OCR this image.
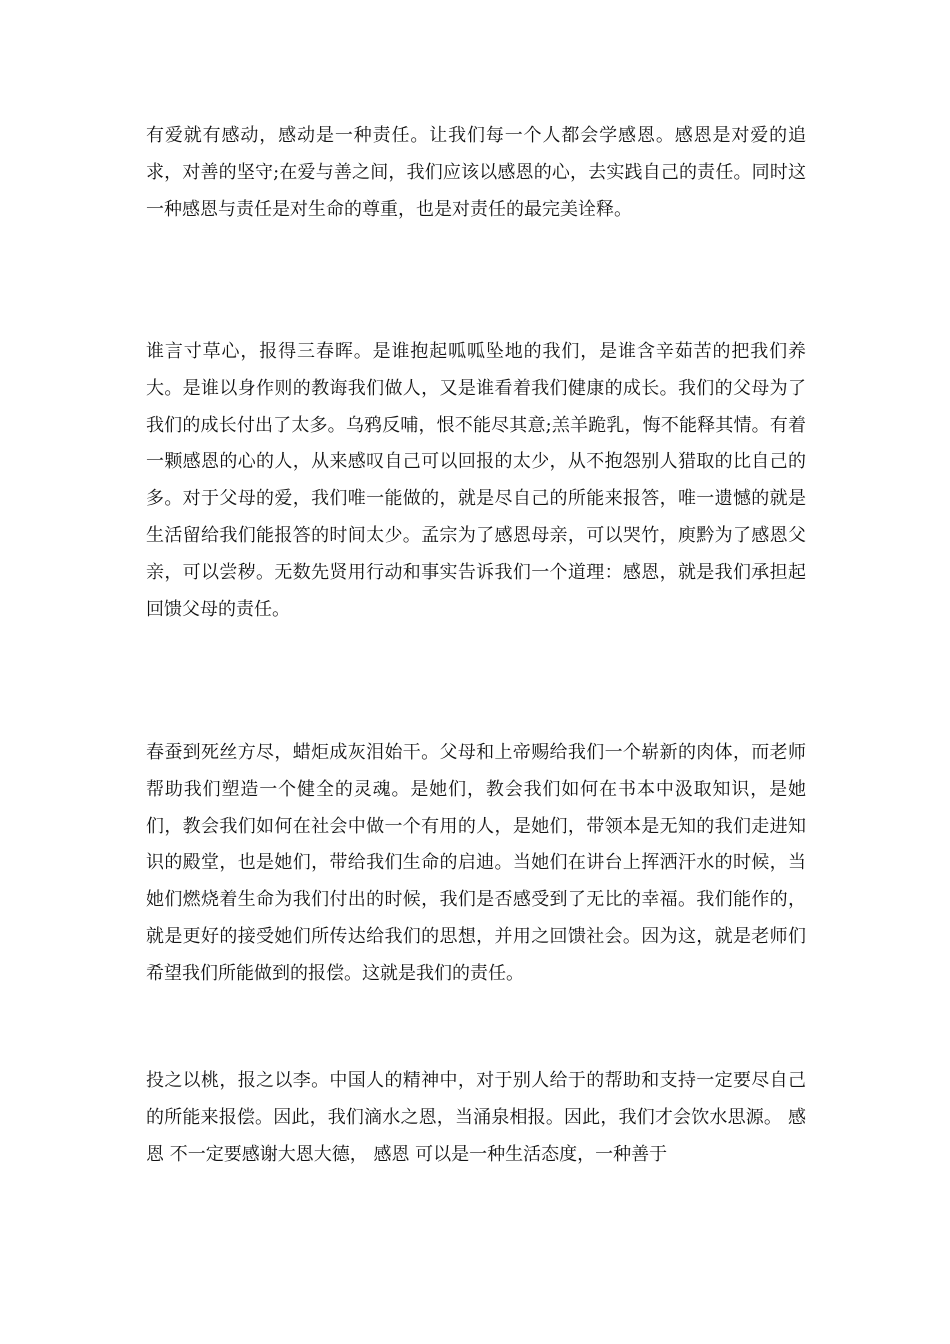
有爱就有感动，感动是一种责任。让我们每一个人都会学感恩。感恩是对爱的追求，对善的坚守;在爱与善之间，我们应该以感恩的心，去实践自己的责任。同时这一种感恩与责任是对生命的尊重，也是对责任的最完美诠释。

谁言寸草心，报得三春晖。是谁抱起呱呱坠地的我们，是谁含辛茹苦的把我们养大。是谁以身作则的教诲我们做人，又是谁看着我们健康的成长。我们的父母为了我们的成长付出了太多。乌鸦反哺，恨不能尽其意;羔羊跪乳，悔不能释其情。有着一颗感恩的心的人，从来感叹自己可以回报的太少，从不抱怨别人猎取的比自己的多。对于父母的爱，我们唯一能做的，就是尽自己的所能来报答，唯一遗憾的就是生活留给我们能报答的时间太少。孟宗为了感恩母亲，可以哭竹，庾黔为了感恩父亲，可以尝秽。无数先贤用行动和事实告诉我们一个道理：感恩，就是我们承担起回馈父母的责任。

春蚕到死丝方尽，蜡炬成灰泪始干。父母和上帝赐给我们一个崭新的肉体，而老师帮助我们塑造一个健全的灵魂。是她们，教会我们如何在书本中汲取知识，是她们，教会我们如何在社会中做一个有用的人，是她们，带领本是无知的我们走进知识的殿堂，也是她们，带给我们生命的启迪。当她们在讲台上挥洒汗水的时候，当她们燃烧着生命为我们付出的时候，我们是否感受到了无比的幸福。我们能作的，就是更好的接受她们所传达给我们的思想，并用之回馈社会。因为这，就是老师们希望我们所能做到的报偿。这就是我们的责任。

投之以桃，报之以李。中国人的精神中，对于别人给于的帮助和支持一定要尽自己的所能来报偿。因此，我们滴水之恩，当涌泉相报。因此，我们才会饮水思源。 感恩 不一定要感谢大恩大德， 感恩 可以是一种生活态度，一种善于
